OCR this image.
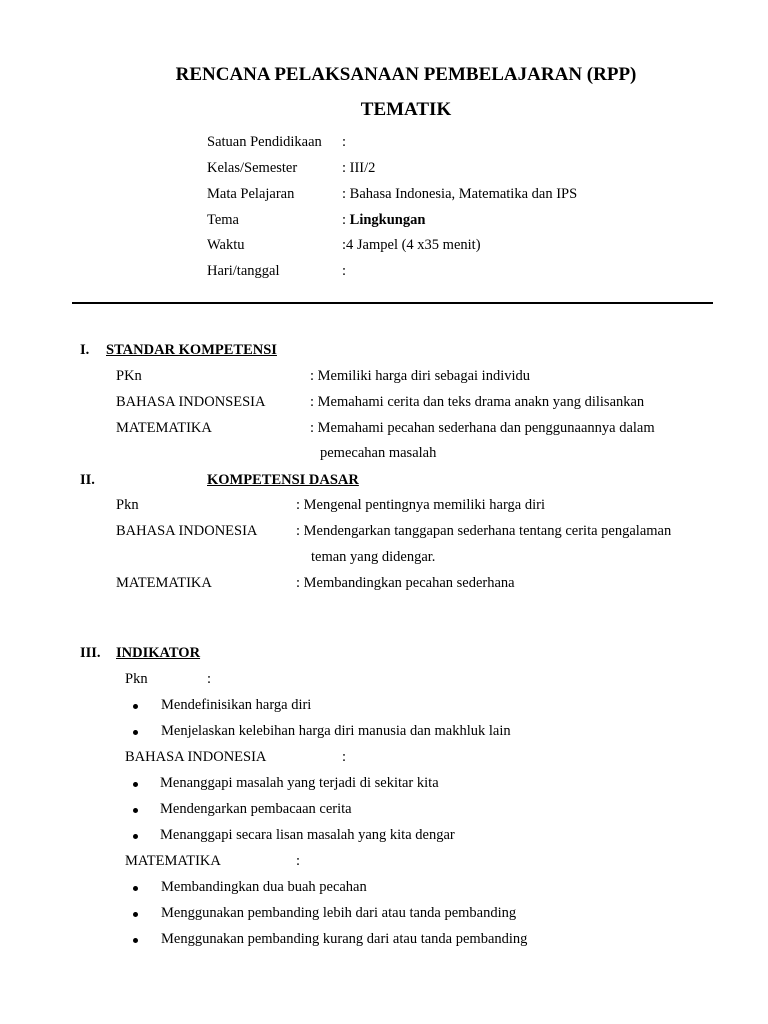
RENCANA PELAKSANAAN PEMBELAJARAN (RPP)
TEMATIK
Satuan Pendidikaan :
Kelas/Semester	: III/2
Mata Pelajaran	: Bahasa Indonesia, Matematika dan IPS
Tema	: Lingkungan
Waktu	:4 Jampel (4 x35 menit)
Hari/tanggal	:
I. STANDAR KOMPETENSI
PKn	: Memiliki harga diri sebagai individu
BAHASA INDONSESIA	: Memahami cerita dan teks drama anakn yang dilisankan
MATEMATIKA	: Memahami pecahan sederhana dan penggunaannya dalam
pemecahan masalah
II.	KOMPETENSI DASAR
Pkn	: Mengenal pentingnya memiliki harga diri
BAHASA INDONESIA	: Mendengarkan tanggapan sederhana tentang cerita pengalaman
teman yang didengar.
MATEMATIKA	: Membandingkan pecahan sederhana
III. INDIKATOR
Pkn	:
Mendefinisikan harga diri
Menjelaskan kelebihan harga diri manusia dan makhluk lain
BAHASA INDONESIA	:
Menanggapi masalah yang terjadi di sekitar kita
Mendengarkan pembacaan cerita
Menanggapi secara lisan masalah yang kita dengar
MATEMATIKA	:
Membandingkan dua buah pecahan
Menggunakan pembanding lebih dari atau tanda pembanding
Menggunakan pembanding kurang dari atau tanda pembanding
